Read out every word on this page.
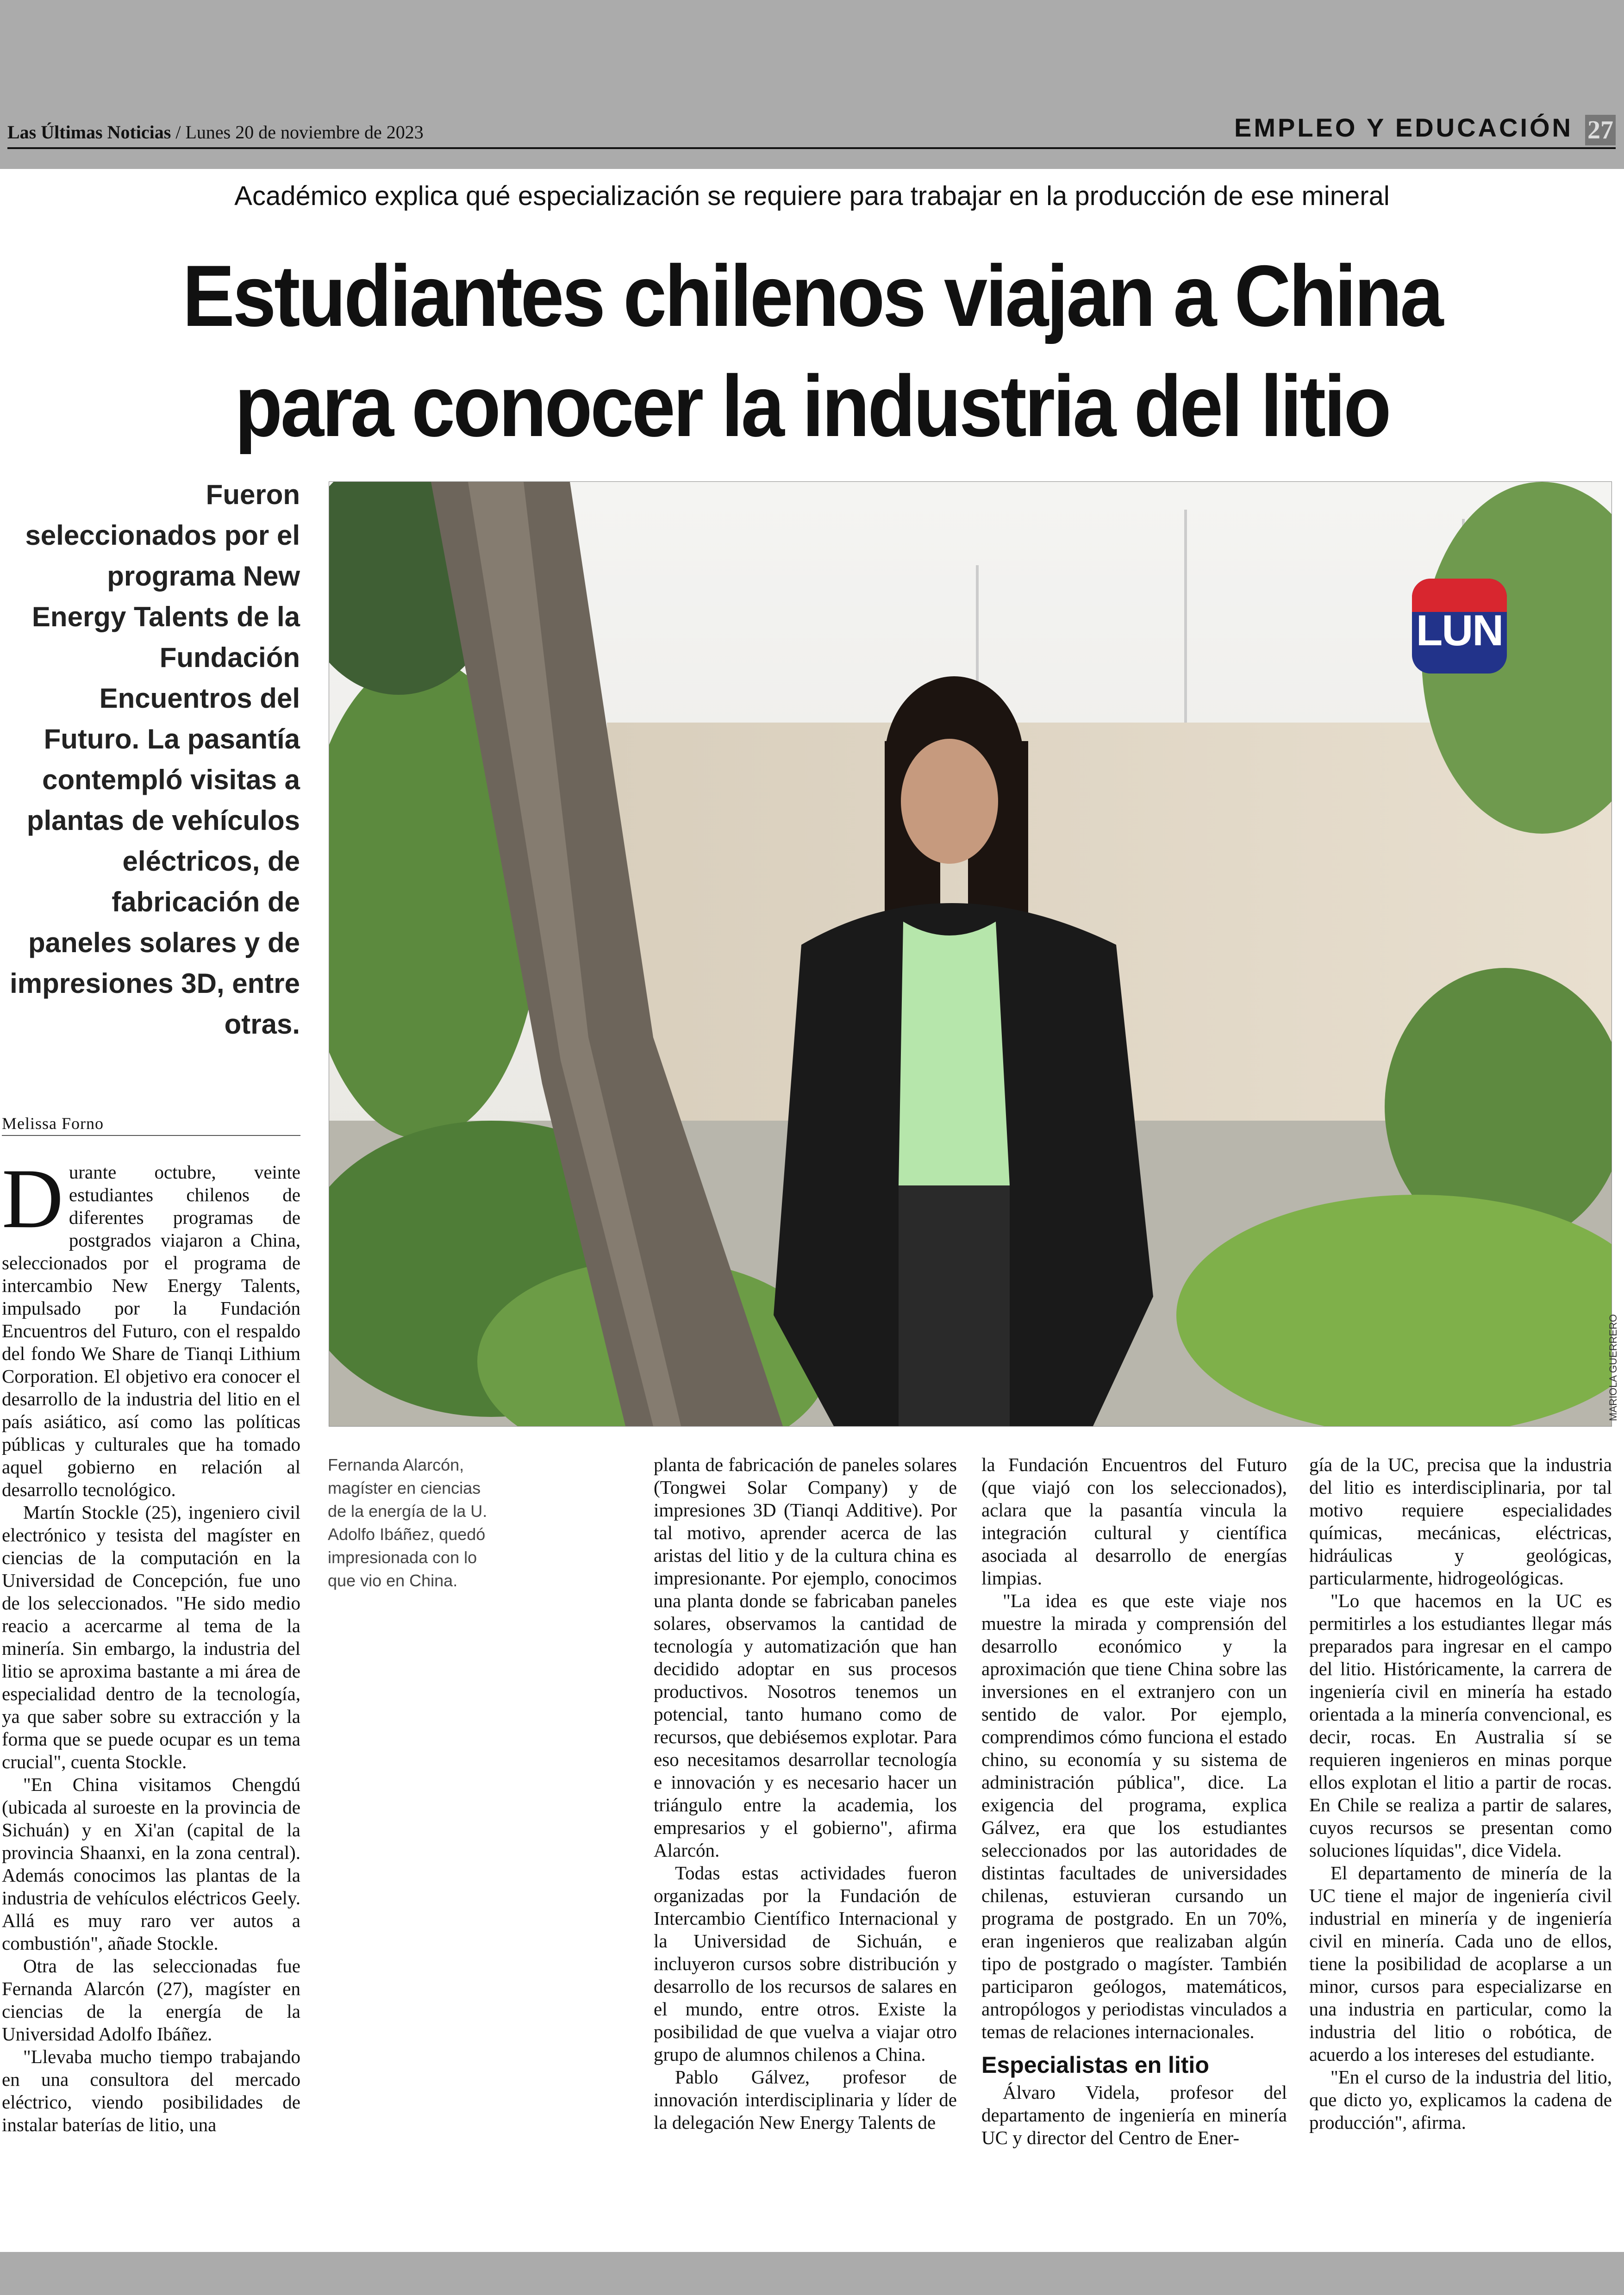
Las Últimas Noticias / Lunes 20 de noviembre de 2023	EMPLEO Y EDUCACIÓN 27
Académico explica qué especialización se requiere para trabajar en la producción de ese mineral
Estudiantes chilenos viajan a China
para conocer la industria del litio
Fueron seleccionados por el programa New Energy Talents de la Fundación Encuentros del Futuro. La pasantía contempló visitas a plantas de vehículos eléctricos, de fabricación de paneles solares y de impresiones 3D, entre otras.
LUN
MARIOLA GUERRERO
Melissa Forno
Fernanda Alarcón, magíster en ciencias de la energía de la U. Adolfo Ibáñez, quedó impresionada con lo que vio en China.
D urante octubre, veinte estudiantes chilenos de diferentes programas de postgrados viajaron a China, seleccionados por el programa de intercambio New Energy Talents, impulsado por la Fundación Encuentros del Futuro, con el respaldo del fondo We Share de Tianqi Lithium Corporation. El objetivo era conocer el desarrollo de la industria del litio en el país asiático, así como las políticas públicas y culturales que ha tomado aquel gobierno en relación al desarrollo tecnológico.

Martín Stockle (25), ingeniero civil electrónico y tesista del magíster en ciencias de la computación en la Universidad de Concepción, fue uno de los seleccionados. "He sido medio reacio a acercarme al tema de la minería. Sin embargo, la industria del litio se aproxima bastante a mi área de especialidad dentro de la tecnología, ya que saber sobre su extracción y la forma que se puede ocupar es un tema crucial", cuenta Stockle.

"En China visitamos Chengdú (ubicada al suroeste en la provincia de Sichuán) y en Xi'an (capital de la provincia Shaanxi, en la zona central). Además conocimos las plantas de la industria de vehículos eléctricos Geely. Allá es muy raro ver autos a combustión", añade Stockle.

Otra de las seleccionadas fue Fernanda Alarcón (27), magíster en ciencias de la energía de la Universidad Adolfo Ibáñez.

"Llevaba mucho tiempo trabajando en una consultora del mercado eléctrico, viendo posibilidades de instalar baterías de litio, una

planta de fabricación de paneles solares (Tongwei Solar Company) y de impresiones 3D (Tianqi Additive). Por tal motivo, aprender acerca de las aristas del litio y de la cultura china es impresionante. Por ejemplo, conocimos una planta donde se fabricaban paneles solares, observamos la cantidad de tecnología y automatización que han decidido adoptar en sus procesos productivos. Nosotros tenemos un potencial, tanto humano como de recursos, que debiésemos explotar. Para eso necesitamos desarrollar tecnología e innovación y es necesario hacer un triángulo entre la academia, los empresarios y el gobierno", afirma Alarcón.

Todas estas actividades fueron organizadas por la Fundación de Intercambio Científico Internacional y la Universidad de Sichuán, e incluyeron cursos sobre distribución y desarrollo de los recursos de salares en el mundo, entre otros. Existe la posibilidad de que vuelva a viajar otro grupo de alumnos chilenos a China.

Pablo Gálvez, profesor de innovación interdisciplinaria y líder de la delegación New Energy Talents de

la Fundación Encuentros del Futuro (que viajó con los seleccionados), aclara que la pasantía vincula la integración cultural y científica asociada al desarrollo de energías limpias.

"La idea es que este viaje nos muestre la mirada y comprensión del desarrollo económico y la aproximación que tiene China sobre las inversiones en el extranjero con un sentido de valor. Por ejemplo, comprendimos cómo funciona el estado chino, su economía y su sistema de administración pública", dice. La exigencia del programa, explica Gálvez, era que los estudiantes seleccionados por las autoridades de distintas facultades de universidades chilenas, estuvieran cursando un programa de postgrado. En un 70%, eran ingenieros que realizaban algún tipo de postgrado o magíster. También participaron geólogos, matemáticos, antropólogos y periodistas vinculados a temas de relaciones internacionales.

Especialistas en litio

Álvaro Videla, profesor del departamento de ingeniería en minería UC y director del Centro de Ener-

gía de la UC, precisa que la industria del litio es interdisciplinaria, por tal motivo requiere especialidades químicas, mecánicas, eléctricas, hidráulicas y geológicas, particularmente, hidrogeológicas.

"Lo que hacemos en la UC es permitirles a los estudiantes llegar más preparados para ingresar en el campo del litio. Históricamente, la carrera de ingeniería civil en minería ha estado orientada a la minería convencional, es decir, rocas. En Australia sí se requieren ingenieros en minas porque ellos explotan el litio a partir de rocas. En Chile se realiza a partir de salares, cuyos recursos se presentan como soluciones líquidas", dice Videla.

El departamento de minería de la UC tiene el major de ingeniería civil industrial en minería y de ingeniería civil en minería. Cada uno de ellos, tiene la posibilidad de acoplarse a un minor, cursos para especializarse en una industria en particular, como la industria del litio o robótica, de acuerdo a los intereses del estudiante.

"En el curso de la industria del litio, que dicto yo, explicamos la cadena de producción", afirma.
